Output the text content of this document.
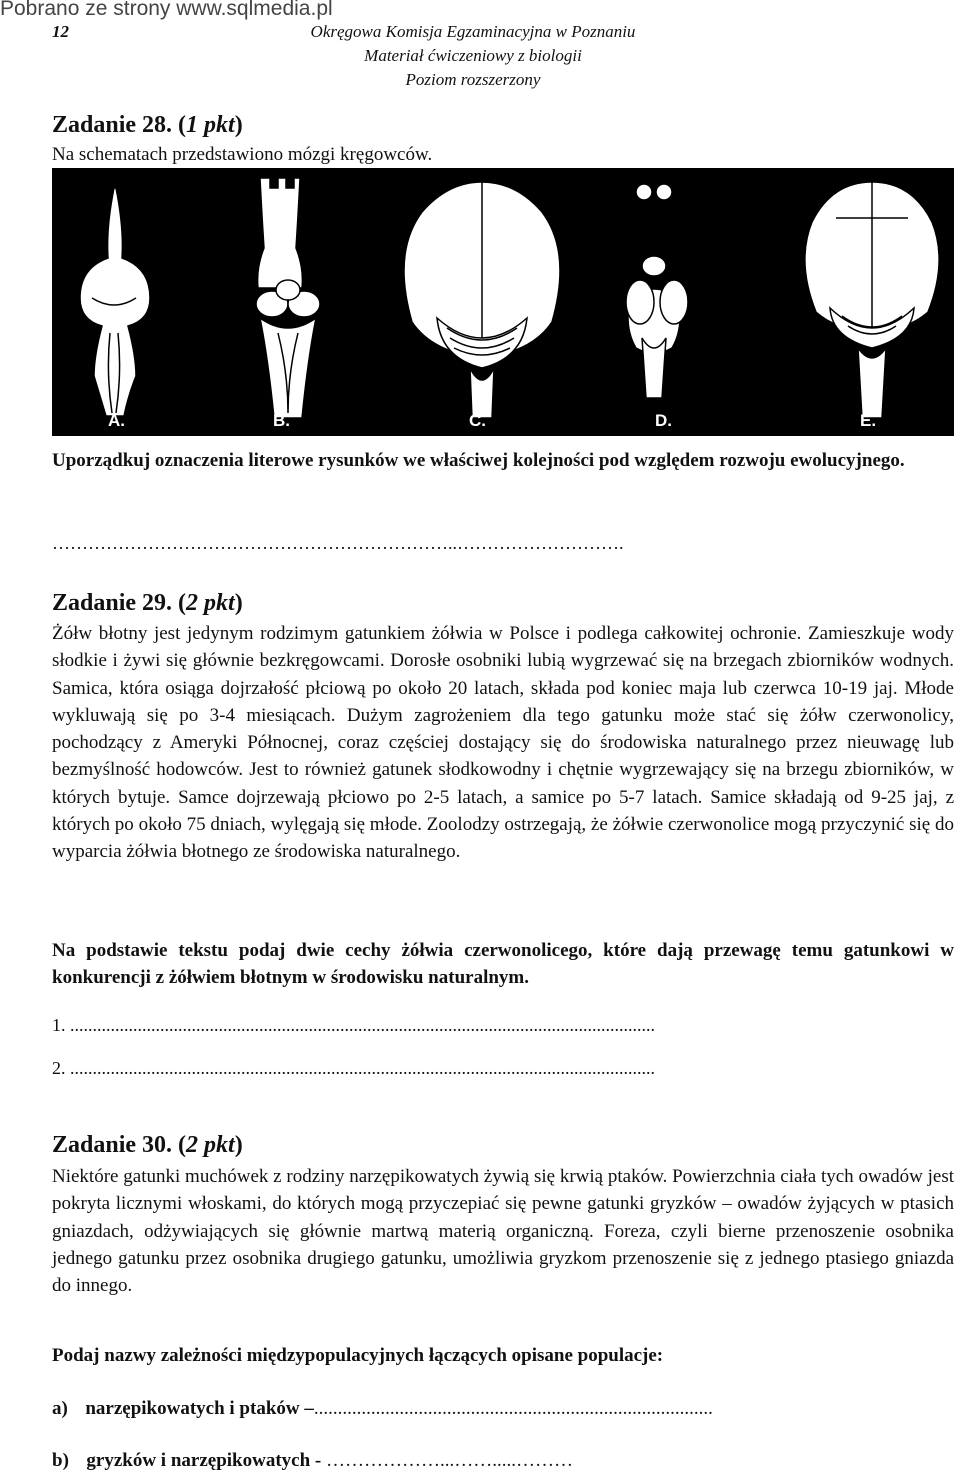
Pobrano ze strony www.sqlmedia.pl
12	Okręgowa Komisja Egzaminacyjna w Poznaniu
Materiał ćwiczeniowy z biologii
Poziom rozszerzony
Zadanie 28. (1 pkt)
Na schematach przedstawiono mózgi kręgowców.
A.	B.	C.	D.	E.
Uporządkuj oznaczenia literowe rysunków we właściwej kolejności pod względem rozwoju ewolucyjnego.
…………………………………………………………..……………………….
Zadanie 29. (2 pkt)
Żółw błotny jest jedynym rodzimym gatunkiem żółwia w Polsce i podlega całkowitej ochronie. Zamieszkuje wody słodkie i żywi się głównie bezkręgowcami. Dorosłe osobniki lubią wygrzewać się na brzegach zbiorników wodnych. Samica, która osiąga dojrzałość płciową po około 20 latach, składa pod koniec maja lub czerwca 10-19 jaj. Młode wykluwają się po 3-4 miesiącach. Dużym zagrożeniem dla tego gatunku może stać się żółw czerwonolicy, pochodzący z Ameryki Północnej, coraz częściej dostający się do środowiska naturalnego przez nieuwagę lub bezmyślność hodowców. Jest to również gatunek słodkowodny i chętnie wygrzewający się na brzegu zbiorników, w których bytuje. Samce dojrzewają płciowo po 2-5 latach, a samice po 5-7 latach. Samice składają od 9-25 jaj, z których po około 75 dniach, wylęgają się młode. Zoolodzy ostrzegają, że żółwie czerwonolice mogą przyczynić się do wyparcia żółwia błotnego ze środowiska naturalnego.
Na podstawie tekstu podaj dwie cechy żółwia czerwonolicego, które dają przewagę temu gatunkowi w konkurencji z żółwiem błotnym w środowisku naturalnym.
1. ..................................................................................................................................
2. ..................................................................................................................................
Zadanie 30. (2 pkt)
Niektóre gatunki muchówek z rodziny narzępikowatych żywią się krwią ptaków. Powierzchnia ciała tych owadów jest pokryta licznymi włoskami, do których mogą przyczepiać się pewne gatunki gryzków – owadów żyjących w ptasich gniazdach, odżywiających się głównie martwą materią organiczną. Foreza, czyli bierne przenoszenie osobnika jednego gatunku przez osobnika drugiego gatunku, umożliwia gryzkom przenoszenie się z jednego ptasiego gniazda do innego.
Podaj nazwy zależności międzypopulacyjnych łączących opisane populacje:
a) narzępikowatych i ptaków –....................................................................................
b) gryzków i narzępikowatych - ………………...…….....………
